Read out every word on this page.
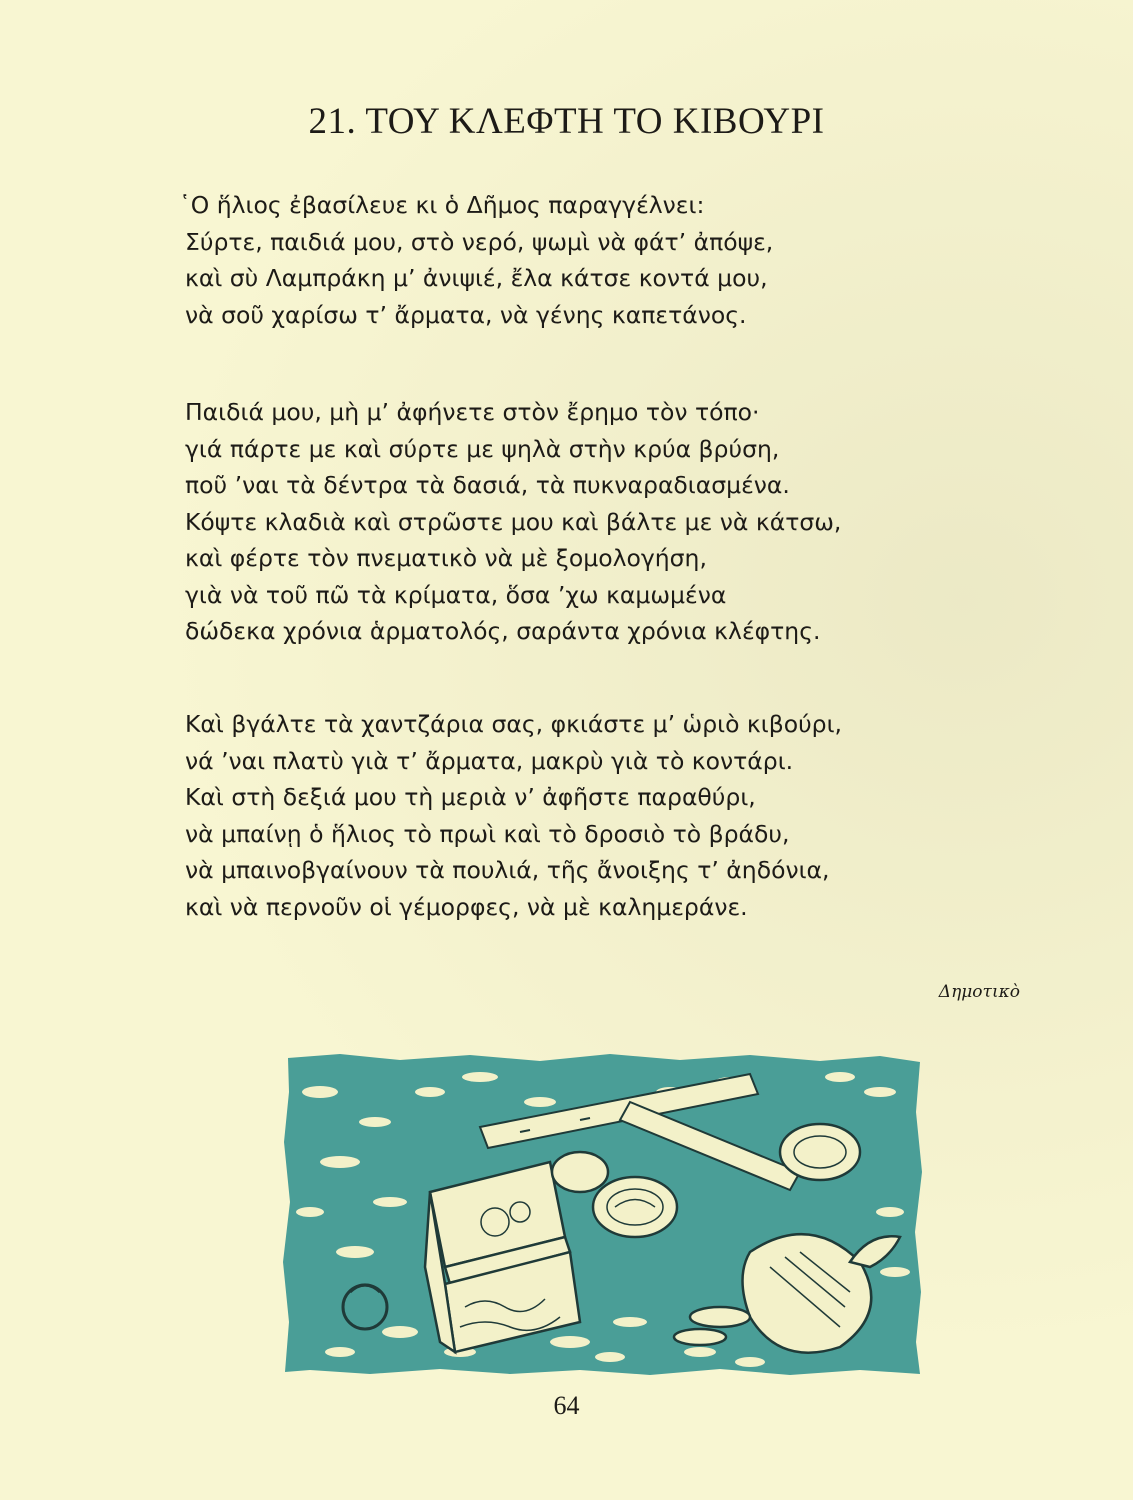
21. ΤΟΥ ΚΛΕΦΤΗ ΤΟ ΚΙΒΟΥΡΙ
῾Ο ἥλιος ἐβασίλευε κι ὁ Δῆμος παραγγέλνει:
Σύρτε, παιδιά μου, στὸ νερό, ψωμὶ νὰ φάτ’ ἀπόψε,
καὶ σὺ Λαμπράκη μ’ ἀνιψιέ, ἔλα κάτσε κοντά μου,
νὰ σοῦ χαρίσω τ’ ἄρματα, νὰ γένης καπετάνος.
Παιδιά μου, μὴ μ’ ἀφήνετε στὸν ἔρημο τὸν τόπο·
γιά πάρτε με καὶ σύρτε με ψηλὰ στὴν κρύα βρύση,
ποῦ ’ναι τὰ δέντρα τὰ δασιά, τὰ πυκναραδιασμένα.
Κόψτε κλαδιὰ καὶ στρῶστε μου καὶ βάλτε με νὰ κάτσω,
καὶ φέρτε τὸν πνεματικὸ νὰ μὲ ξομολογήση,
γιὰ νὰ τοῦ πῶ τὰ κρίματα, ὅσα ’χω καμωμένα
δώδεκα χρόνια ἁρματολός, σαράντα χρόνια κλέφτης.
Καὶ βγάλτε τὰ χαντζάρια σας, φκιάστε μ’ ὡριὸ κιβούρι,
νά ’ναι πλατὺ γιὰ τ’ ἄρματα, μακρὺ γιὰ τὸ κοντάρι.
Καὶ στὴ δεξιά μου τὴ μεριὰ ν’ ἀφῆστε παραθύρι,
νὰ μπαίνῃ ὁ ἥλιος τὸ πρωὶ καὶ τὸ δροσιὸ τὸ βράδυ,
νὰ μπαινοβγαίνουν τὰ πουλιά, τῆς ἄνοιξης τ’ ἀηδόνια,
καὶ νὰ περνοῦν οἱ γέμορφες, νὰ μὲ καλημεράνε.
Δημοτικὸ
64
